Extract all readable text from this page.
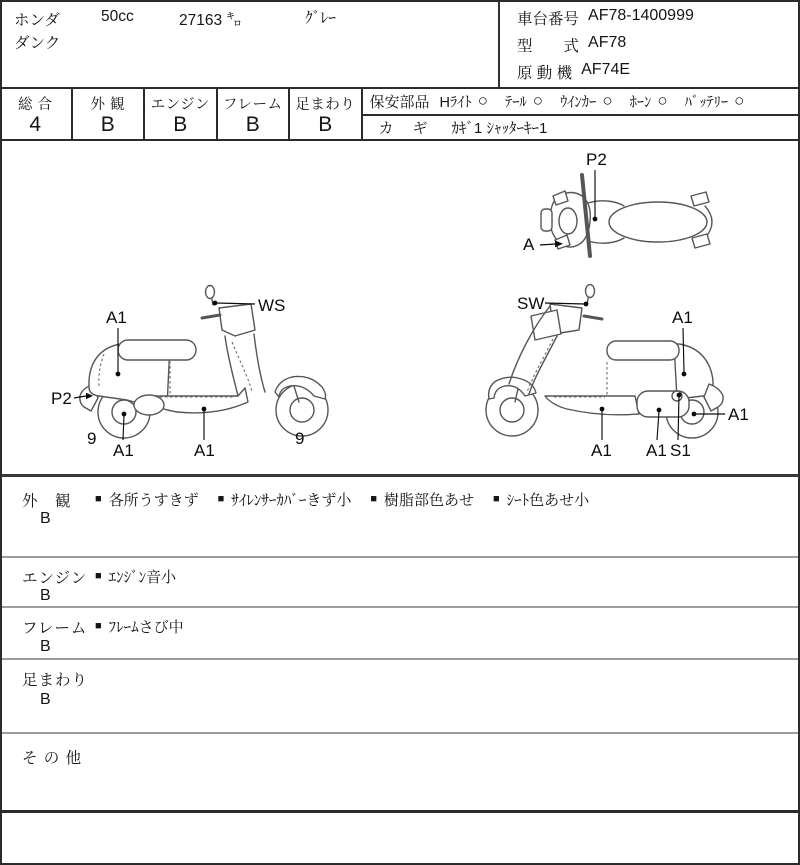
ホンダ
ダンク
50cc	27163 ㌔	ｸﾞﾚｰ	車台番号 AF78-1400999
型　　式 AF78
原 動 機 AF74E
総 合
4
外 観
B
エンジン
B
フレーム
B
足まわり
B
保安部品 Hﾗｲﾄ ○ ﾃｰﾙ ○ ｳｲﾝｶｰ ○ ﾎｰﾝ ○ ﾊﾞｯﾃﾘｰ ○
カ　ギ ｶｷﾞ1 ｼｬｯﾀｰｷｰ1
P2
A
A1
WS
P2
9
A1	A1
9
SW
A1
A1 A1 S1
A1
外　観
B
■ 各所うすきず ■ ｻｲﾚﾝｻｰｶﾊﾞｰきず小 ■ 樹脂部色あせ ■ ｼｰﾄ色あせ小
エンジン
B
■ ｴﾝｼﾞﾝ音小
フレーム
B
■ ﾌﾚｰﾑさび中
足まわり
B
そ の 他
